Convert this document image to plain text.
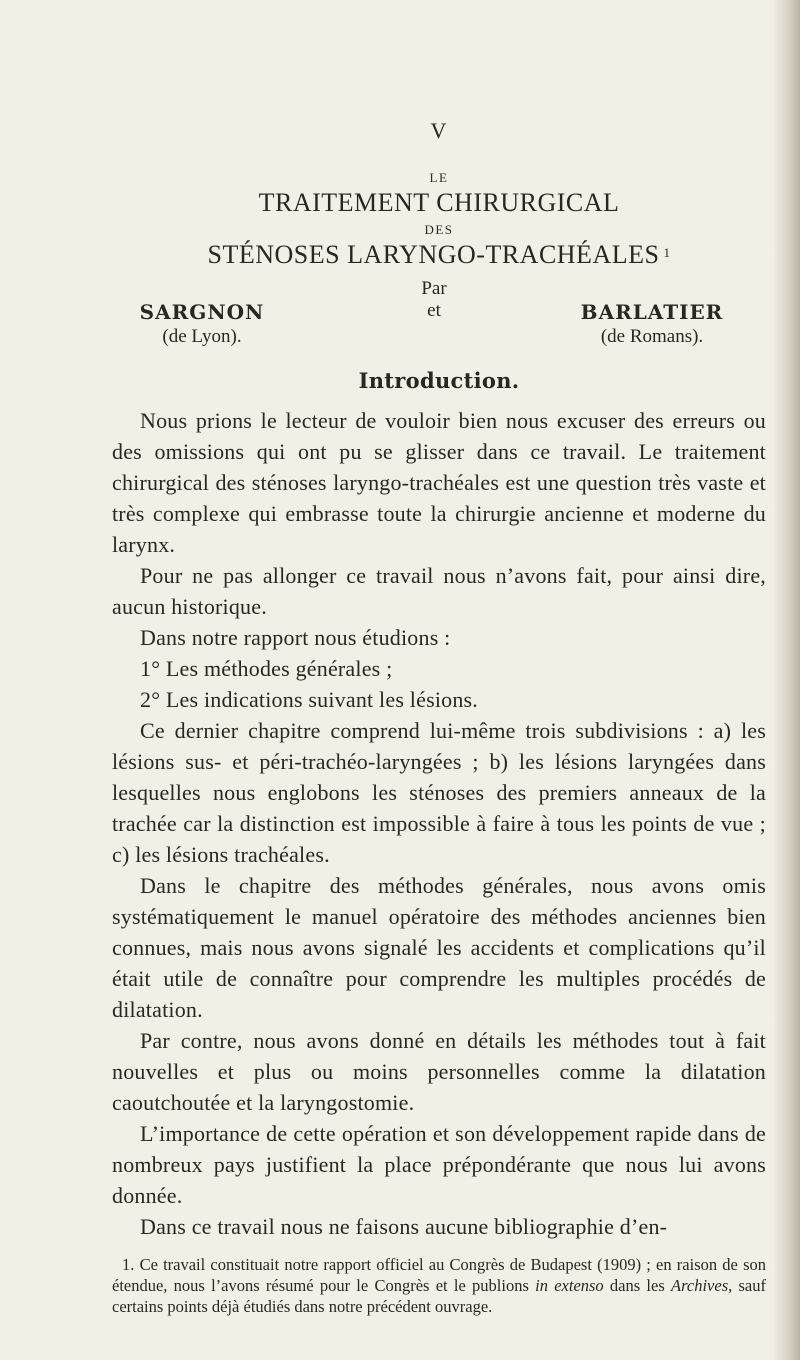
V
LE
TRAITEMENT CHIRURGICAL
DES
STÉNOSES LARYNGO-TRACHÉALES $^1$
SARGNON
(de Lyon).
Par
et	BARLATIER
(de Romans).
Introduction.

Nous prions le lecteur de vouloir bien nous excuser des erreurs ou des omissions qui ont pu se glisser dans ce travail. Le traitement chirurgical des sténoses laryngo-trachéales est une question très vaste et très complexe qui embrasse toute la chirurgie ancienne et moderne du larynx.

Pour ne pas allonger ce travail nous n’avons fait, pour ainsi dire, aucun historique.

Dans notre rapport nous étudions :

1° Les méthodes générales ;

2° Les indications suivant les lésions.

Ce dernier chapitre comprend lui-même trois subdivisions : a) les lésions sus- et péri-trachéo-laryngées ; b) les lésions laryngées dans lesquelles nous englobons les sténoses des premiers anneaux de la trachée car la distinction est impossible à faire à tous les points de vue ; c) les lésions trachéales.

Dans le chapitre des méthodes générales, nous avons omis systématiquement le manuel opératoire des méthodes anciennes bien connues, mais nous avons signalé les accidents et complications qu’il était utile de connaître pour comprendre les multiples procédés de dilatation.

Par contre, nous avons donné en détails les méthodes tout à fait nouvelles et plus ou moins personnelles comme la dilatation caoutchoutée et la laryngostomie.

L’importance de cette opération et son développement rapide dans de nombreux pays justifient la place prépondérante que nous lui avons donnée.

Dans ce travail nous ne faisons aucune bibliographie d’en-

1. Ce travail constituait notre rapport officiel au Congrès de Budapest (1909) ; en raison de son étendue, nous l’avons résumé pour le Congrès et le publions in extenso dans les Archives, sauf certains points déjà étudiés dans notre précédent ouvrage.
